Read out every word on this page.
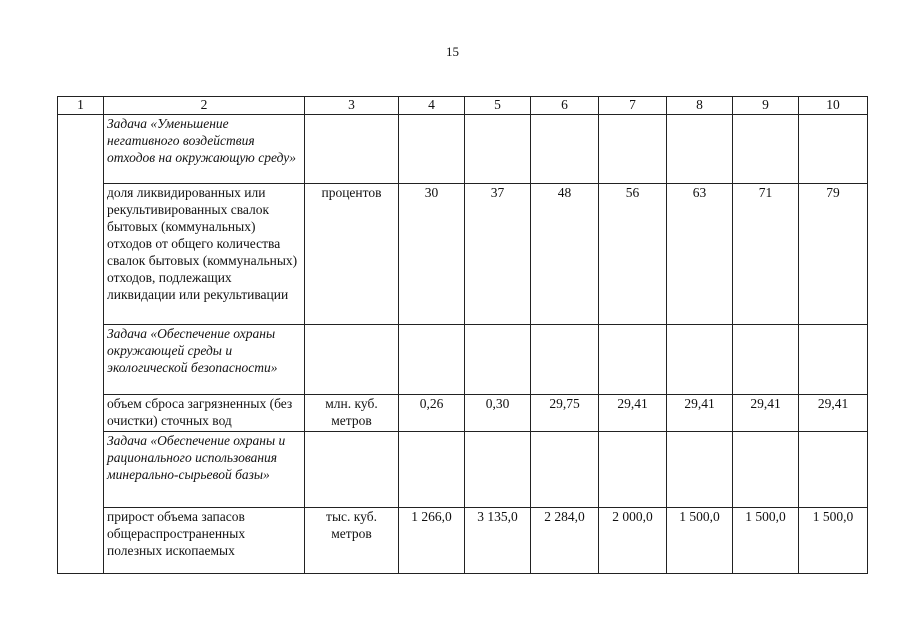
15
1	2	3	4	5	6	7	8	9	10
	Задача «Уменьшение негативного воздействия отходов на окружающую среду»								
	доля ликвидированных или рекультивированных свалок бытовых (коммунальных) отходов от общего количества свалок бытовых (коммунальных) отходов, подлежащих ликвидации или рекультивации	процентов	30	37	48	56	63	71	79
	Задача «Обеспечение охраны окружающей среды и экологической безопасности»								
	объем сброса загрязненных (без очистки) сточных вод	млн. куб. метров	0,26	0,30	29,75	29,41	29,41	29,41	29,41
	Задача «Обеспечение охраны и рационального использования минерально-сырьевой базы»								
	прирост объема запасов общераспространенных полезных ископаемых	тыс. куб. метров	1 266,0	3 135,0	2 284,0	2 000,0	1 500,0	1 500,0	1 500,0
